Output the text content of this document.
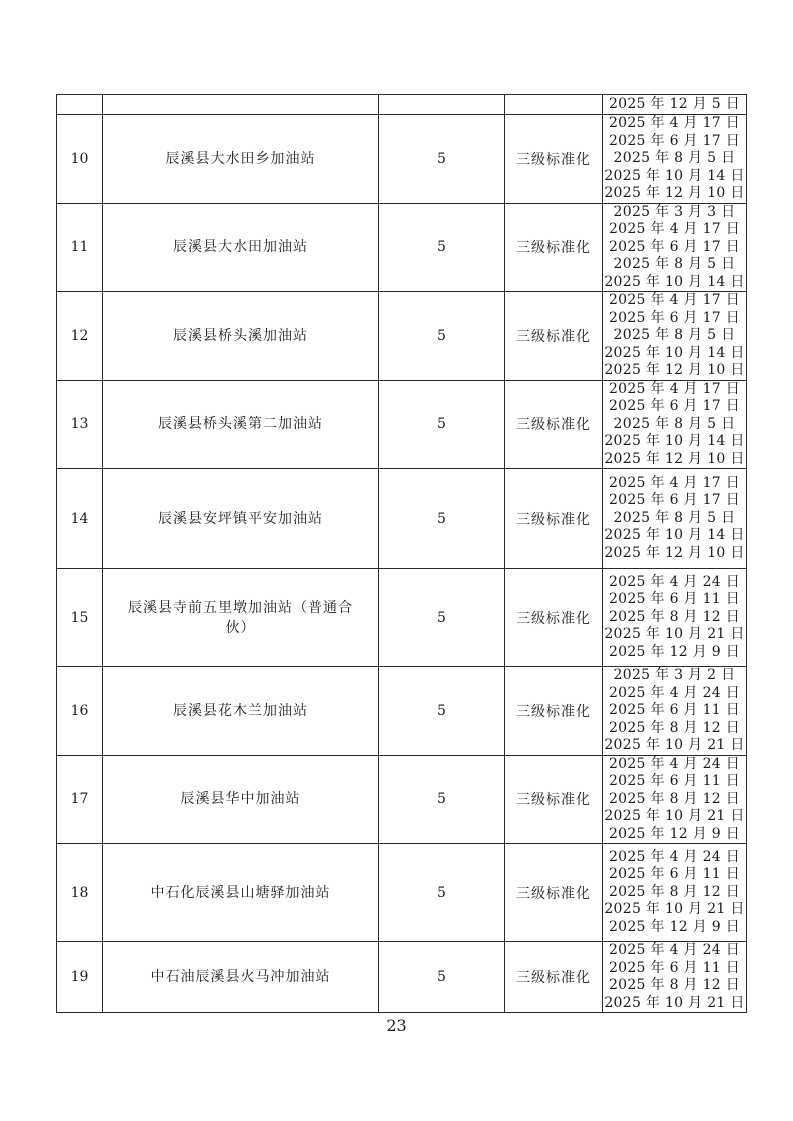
				2025 年 12 月 5 日

10	辰溪县大水田乡加油站	5	三级标准化	2025 年 4 月 17 日
2025 年 6 月 17 日
2025 年 8 月 5 日
2025 年 10 月 14 日
2025 年 12 月 10 日

11	辰溪县大水田加油站	5	三级标准化	2025 年 3 月 3 日
2025 年 4 月 17 日
2025 年 6 月 17 日
2025 年 8 月 5 日
2025 年 10 月 14 日

12	辰溪县桥头溪加油站	5	三级标准化	2025 年 4 月 17 日
2025 年 6 月 17 日
2025 年 8 月 5 日
2025 年 10 月 14 日
2025 年 12 月 10 日

13	辰溪县桥头溪第二加油站	5	三级标准化	2025 年 4 月 17 日
2025 年 6 月 17 日
2025 年 8 月 5 日
2025 年 10 月 14 日
2025 年 12 月 10 日

14	辰溪县安坪镇平安加油站	5	三级标准化	2025 年 4 月 17 日
2025 年 6 月 17 日
2025 年 8 月 5 日
2025 年 10 月 14 日
2025 年 12 月 10 日

15	辰溪县寺前五里墩加油站（普通合伙）	5	三级标准化	2025 年 4 月 24 日
2025 年 6 月 11 日
2025 年 8 月 12 日
2025 年 10 月 21 日
2025 年 12 月 9 日

16	辰溪县花木兰加油站	5	三级标准化	2025 年 3 月 2 日
2025 年 4 月 24 日
2025 年 6 月 11 日
2025 年 8 月 12 日
2025 年 10 月 21 日

17	辰溪县华中加油站	5	三级标准化	2025 年 4 月 24 日
2025 年 6 月 11 日
2025 年 8 月 12 日
2025 年 10 月 21 日
2025 年 12 月 9 日

18	中石化辰溪县山塘驿加油站	5	三级标准化	2025 年 4 月 24 日
2025 年 6 月 11 日
2025 年 8 月 12 日
2025 年 10 月 21 日
2025 年 12 月 9 日

19	中石油辰溪县火马冲加油站	5	三级标准化	2025 年 4 月 24 日
2025 年 6 月 11 日
2025 年 8 月 12 日
2025 年 10 月 21 日
23
